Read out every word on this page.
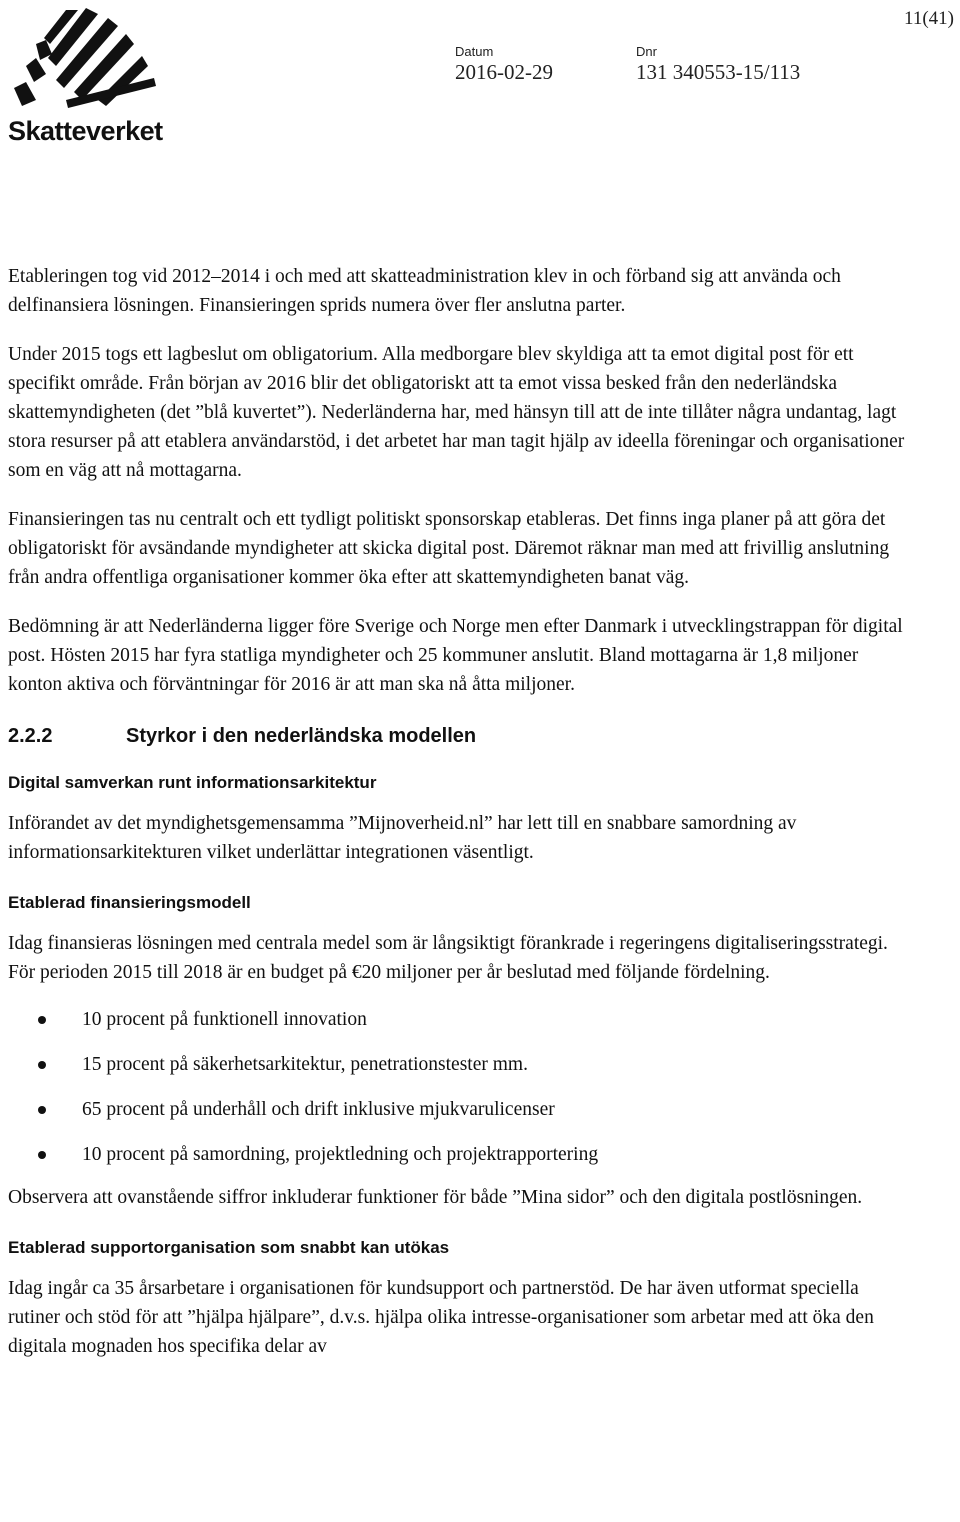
Skatteverket
Datum
2016-02-29
Dnr
131 340553-15/113
11(41)

Etableringen tog vid 2012–2014 i och med att skatteadministration klev in och förband sig att använda och delfinansiera lösningen. Finansieringen sprids numera över fler anslutna parter.

Under 2015 togs ett lagbeslut om obligatorium. Alla medborgare blev skyldiga att ta emot digital post för ett specifikt område. Från början av 2016 blir det obligatoriskt att ta emot vissa besked från den nederländska skattemyndigheten (det ”blå kuvertet”). Nederländerna har, med hänsyn till att de inte tillåter några undantag, lagt stora resurser på att etablera användarstöd, i det arbetet har man tagit hjälp av ideella föreningar och organisationer som en väg att nå mottagarna.

Finansieringen tas nu centralt och ett tydligt politiskt sponsorskap etableras. Det finns inga planer på att göra det obligatoriskt för avsändande myndigheter att skicka digital post. Däremot räknar man med att frivillig anslutning från andra offentliga organisationer kommer öka efter att skattemyndigheten banat väg.

Bedömning är att Nederländerna ligger före Sverige och Norge men efter Danmark i utvecklingstrappan för digital post. Hösten 2015 har fyra statliga myndigheter och 25 kommuner anslutit. Bland mottagarna är 1,8 miljoner konton aktiva och förväntningar för 2016 är att man ska nå åtta miljoner.

2.2.2	Styrkor i den nederländska modellen
Digital samverkan runt informationsarkitektur

Införandet av det myndighetsgemensamma ”Mijnoverheid.nl” har lett till en snabbare samordning av informationsarkitekturen vilket underlättar integrationen väsentligt.

Etablerad finansieringsmodell

Idag finansieras lösningen med centrala medel som är långsiktigt förankrade i regeringens digitaliseringsstrategi. För perioden 2015 till 2018 är en budget på €20 miljoner per år beslutad med följande fördelning.

10 procent på funktionell innovation
15 procent på säkerhetsarkitektur, penetrationstester mm.
65 procent på underhåll och drift inklusive mjukvarulicenser
10 procent på samordning, projektledning och projektrapportering

Observera att ovanstående siffror inkluderar funktioner för både ”Mina sidor” och den digitala postlösningen.

Etablerad supportorganisation som snabbt kan utökas

Idag ingår ca 35 årsarbetare i organisationen för kundsupport och partnerstöd. De har även utformat speciella rutiner och stöd för att ”hjälpa hjälpare”, d.v.s. hjälpa olika intresse-organisationer som arbetar med att öka den digitala mognaden hos specifika delar av
